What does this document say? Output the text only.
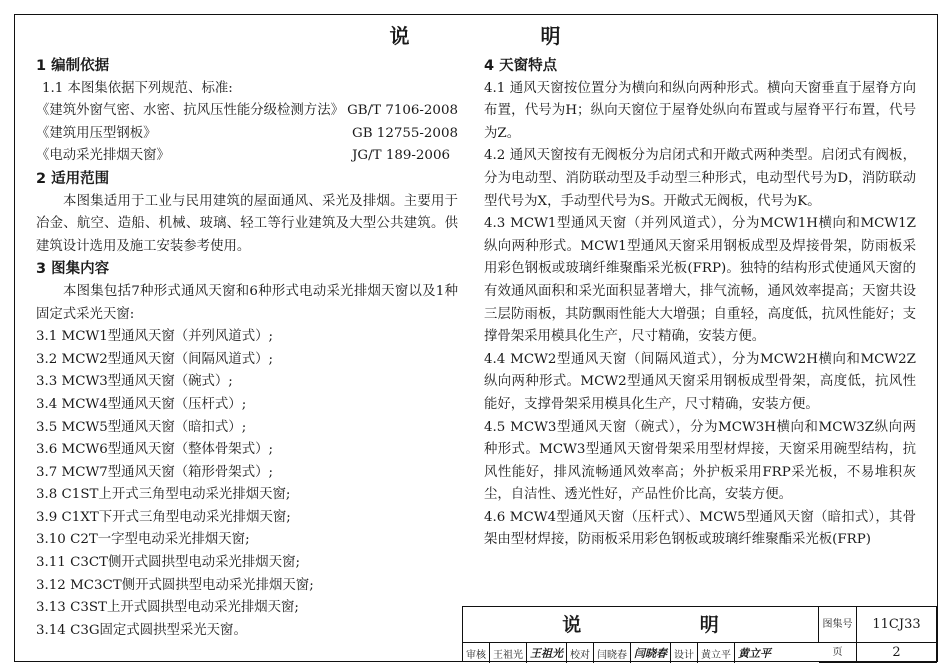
说 明
1 编制依据
1.1 本图集依据下列规范、标准:
《建筑外窗气密、水密、抗风压性能分级检测方法》 GB/T 7106-2008
《建筑用压型钢板》	GB 12755-2008
《电动采光排烟天窗》	JG/T 189-2006
2 适用范围
本图集适用于工业与民用建筑的屋面通风、采光及排烟。主要用于冶金、航空、造船、机械、玻璃、轻工等行业建筑及大型公共建筑。供建筑设计选用及施工安装参考使用。
3 图集内容
本图集包括7种形式通风天窗和6种形式电动采光排烟天窗以及1种固定式采光天窗:
3.1 MCW1型通风天窗（并列风道式）;
3.2 MCW2型通风天窗（间隔风道式）;
3.3 MCW3型通风天窗（碗式）;
3.4 MCW4型通风天窗（压杆式）;
3.5 MCW5型通风天窗（暗扣式）;
3.6 MCW6型通风天窗（整体骨架式）;
3.7 MCW7型通风天窗（箱形骨架式）;
3.8 C1ST上开式三角型电动采光排烟天窗;
3.9 C1XT下开式三角型电动采光排烟天窗;
3.10 C2T一字型电动采光排烟天窗;
3.11 C3CT侧开式圆拱型电动采光排烟天窗;
3.12 MC3CT侧开式圆拱型电动采光排烟天窗;
3.13 C3ST上开式圆拱型电动采光排烟天窗;
3.14 C3G固定式圆拱型采光天窗。
4 天窗特点
4.1 通风天窗按位置分为横向和纵向两种形式。横向天窗垂直于屋脊方向布置，代号为H；纵向天窗位于屋脊处纵向布置或与屋脊平行布置，代号为Z。
4.2 通风天窗按有无阀板分为启闭式和开敞式两种类型。启闭式有阀板，分为电动型、消防联动型及手动型三种形式，电动型代号为D，消防联动型代号为X，手动型代号为S。开敞式无阀板，代号为K。
4.3 MCW1型通风天窗（并列风道式），分为MCW1H横向和MCW1Z纵向两种形式。MCW1型通风天窗采用钢板成型及焊接骨架，防雨板采用彩色钢板或玻璃纤维聚酯采光板(FRP)。独特的结构形式使通风天窗的有效通风面积和采光面积显著增大，排气流畅，通风效率提高；天窗共设三层防雨板，其防飘雨性能大大增强；自重轻，高度低，抗风性能好；支撑骨架采用模具化生产，尺寸精确，安装方便。
4.4 MCW2型通风天窗（间隔风道式），分为MCW2H横向和MCW2Z纵向两种形式。MCW2型通风天窗采用钢板成型骨架，高度低，抗风性能好，支撑骨架采用模具化生产，尺寸精确，安装方便。
4.5 MCW3型通风天窗（碗式），分为MCW3H横向和MCW3Z纵向两种形式。MCW3型通风天窗骨架采用型材焊接，天窗采用碗型结构，抗风性能好，排风流畅通风效率高；外护板采用FRP采光板，不易堆积灰尘，自洁性、透光性好，产品性价比高，安装方便。
4.6 MCW4型通风天窗（压杆式）、MCW5型通风天窗（暗扣式），其骨架由型材焊接，防雨板采用彩色钢板或玻璃纤维聚酯采光板(FRP)
说 明	图集号	11CJ33
页	2
审核 王祖光 王祖光 校对 闫晓春 闫晓春 设计 黄立平 黄立平
